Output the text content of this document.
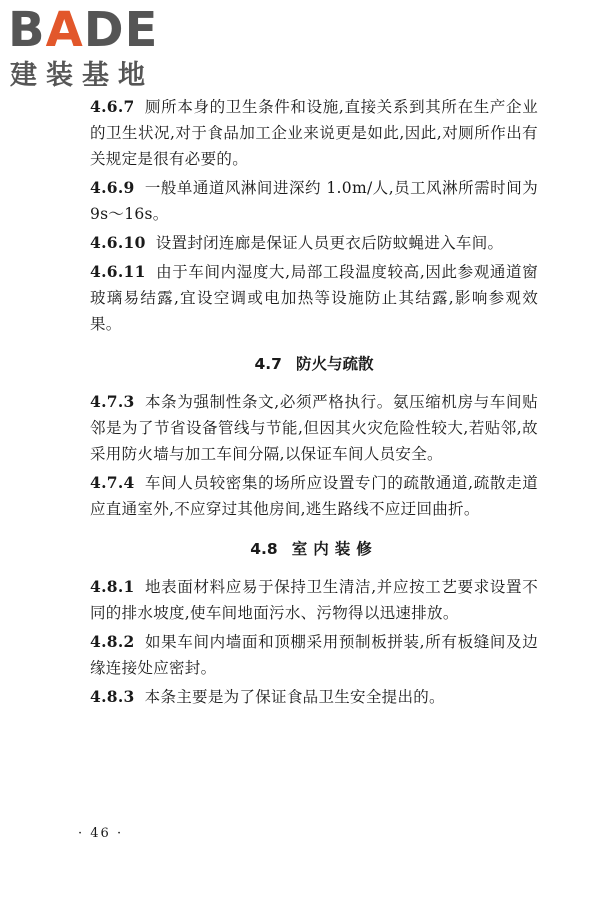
BADE
建装基地

4.6.7 厕所本身的卫生条件和设施,直接关系到其所在生产企业的卫生状况,对于食品加工企业来说更是如此,因此,对厕所作出有关规定是很有必要的。

4.6.9 一般单通道风淋间进深约 1.0m/人,员工风淋所需时间为9s～16s。

4.6.10 设置封闭连廊是保证人员更衣后防蚊蝇进入车间。

4.6.11 由于车间内湿度大,局部工段温度较高,因此参观通道窗玻璃易结露,宜设空调或电加热等设施防止其结露,影响参观效果。

4.7 防火与疏散

4.7.3 本条为强制性条文,必须严格执行。氨压缩机房与车间贴邻是为了节省设备管线与节能,但因其火灾危险性较大,若贴邻,故采用防火墙与加工车间分隔,以保证车间人员安全。

4.7.4 车间人员较密集的场所应设置专门的疏散通道,疏散走道应直通室外,不应穿过其他房间,逃生路线不应迂回曲折。

4.8 室内装修

4.8.1 地表面材料应易于保持卫生清洁,并应按工艺要求设置不同的排水坡度,使车间地面污水、污物得以迅速排放。

4.8.2 如果车间内墙面和顶棚采用预制板拼装,所有板缝间及边缘连接处应密封。

4.8.3 本条主要是为了保证食品卫生安全提出的。

· 46 ·
